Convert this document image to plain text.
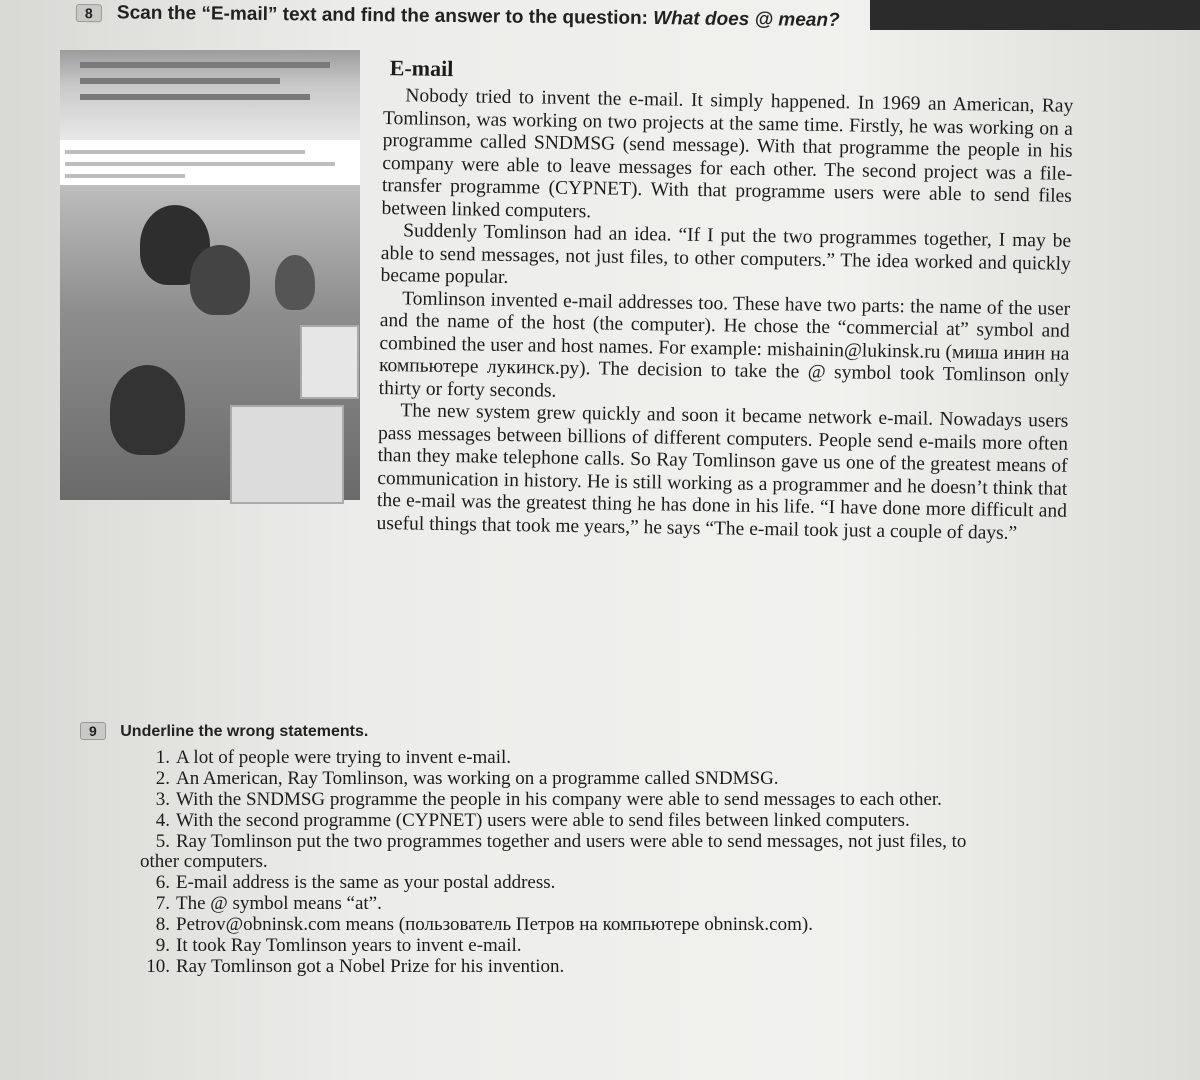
8 Scan the “E-mail” text and find the answer to the question: What does @ mean?
E-mail

Nobody tried to invent the e-mail. It simply happened. In 1969 an American, Ray Tomlinson, was working on two projects at the same time. Firstly, he was working on a programme called SNDMSG (send message). With that programme the people in his company were able to leave messages for each other. The second project was a file-transfer programme (CYPNET). With that programme users were able to send files between linked computers.

Suddenly Tomlinson had an idea. “If I put the two programmes together, I may be able to send messages, not just files, to other computers.” The idea worked and quickly became popular.

Tomlinson invented e-mail addresses too. These have two parts: the name of the user and the name of the host (the computer). He chose the “commercial at” symbol and combined the user and host names. For example: mishainin@lukinsk.ru (миша инин на компьютере лукинск.ру). The decision to take the @ symbol took Tomlinson only thirty or forty seconds.

The new system grew quickly and soon it became network e-mail. Nowadays users pass messages between billions of different computers. People send e-mails more often than they make telephone calls. So Ray Tomlinson gave us one of the greatest means of communication in history. He is still working as a programmer and he doesn’t think that the e-mail was the greatest thing he has done in his life. “I have done more difficult and useful things that took me years,” he says “The e-mail took just a couple of days.”

9 Underline the wrong statements.
1. A lot of people were trying to invent e-mail.
2. An American, Ray Tomlinson, was working on a programme called SNDMSG.
3. With the SNDMSG programme the people in his company were able to send messages to each other.
4. With the second programme (CYPNET) users were able to send files between linked computers.
5. Ray Tomlinson put the two programmes together and users were able to send messages, not just files, to other computers.
6. E-mail address is the same as your postal address.
7. The @ symbol means “at”.
8. Petrov@obninsk.com means (пользователь Петров на компьютере obninsk.com).
9. It took Ray Tomlinson years to invent e-mail.
10. Ray Tomlinson got a Nobel Prize for his invention.
